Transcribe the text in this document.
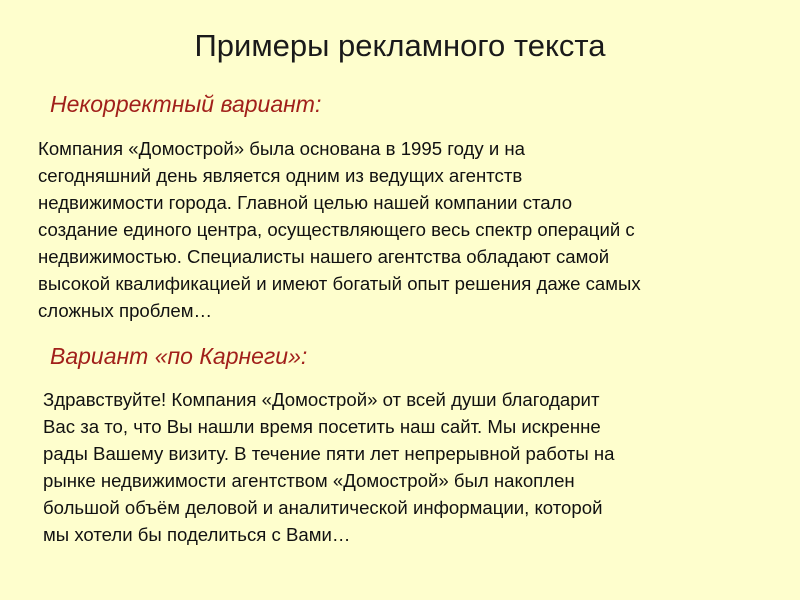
Примеры рекламного текста
Некорректный вариант:
Компания «Домострой» была основана в 1995 году и на
сегодняшний день является одним из ведущих агентств
недвижимости города. Главной целью нашей компании стало
создание единого центра, осуществляющего весь спектр операций с
недвижимостью. Специалисты нашего агентства обладают самой
высокой квалификацией и имеют богатый опыт решения даже самых
сложных проблем…
Вариант «по Карнеги»:
Здравствуйте! Компания «Домострой» от всей души благодарит
Вас за то, что Вы нашли время посетить наш сайт. Мы искренне
рады Вашему визиту. В течение пяти лет непрерывной работы на
рынке недвижимости агентством «Домострой» был накоплен
большой объём деловой и аналитической информации, которой
мы хотели бы поделиться с Вами…
